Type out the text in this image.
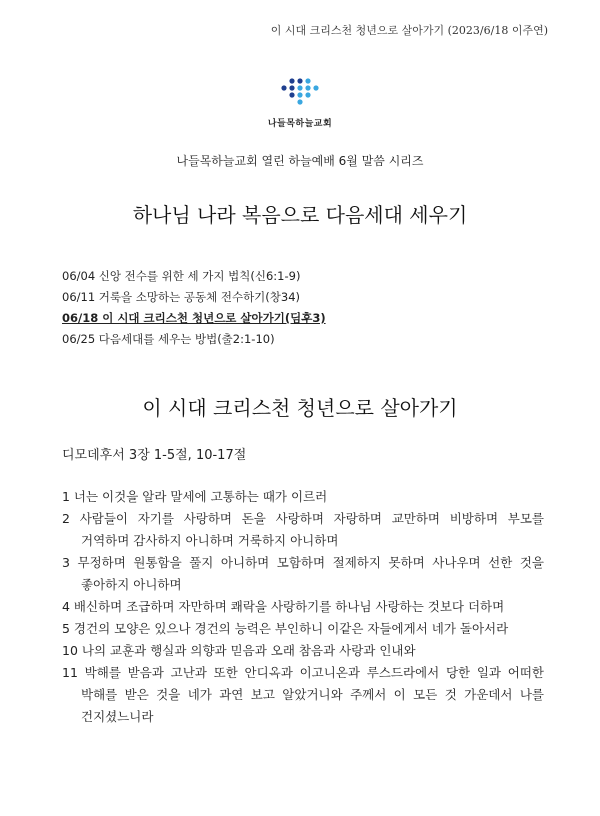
이 시대 크리스천 청년으로 살아가기 (2023/6/18 이주연)
나들목하늘교회
나들목하늘교회 열린 하늘예배 6월 말씀 시리즈
하나님 나라 복음으로 다음세대 세우기
06/04 신앙 전수를 위한 세 가지 법칙(신6:1-9)
06/11 거룩을 소망하는 공동체 전수하기(창34)
06/18 이 시대 크리스천 청년으로 살아가기(딤후3)
06/25 다음세대를 세우는 방법(출2:1-10)
이 시대 크리스천 청년으로 살아가기
디모데후서 3장 1-5절, 10-17절
1 너는 이것을 알라 말세에 고통하는 때가 이르러
2 사람들이 자기를 사랑하며 돈을 사랑하며 자랑하며 교만하며 비방하며 부모를 거역하며 감사하지 아니하며 거룩하지 아니하며
3 무정하며 원통함을 풀지 아니하며 모함하며 절제하지 못하며 사나우며 선한 것을 좋아하지 아니하며
4 배신하며 조급하며 자만하며 쾌락을 사랑하기를 하나님 사랑하는 것보다 더하며
5 경건의 모양은 있으나 경건의 능력은 부인하니 이같은 자들에게서 네가 돌아서라
10 나의 교훈과 행실과 의향과 믿음과 오래 참음과 사랑과 인내와
11 박해를 받음과 고난과 또한 안디옥과 이고니온과 루스드라에서 당한 일과 어떠한 박해를 받은 것을 네가 과연 보고 알았거니와 주께서 이 모든 것 가운데서 나를 건지셨느니라
